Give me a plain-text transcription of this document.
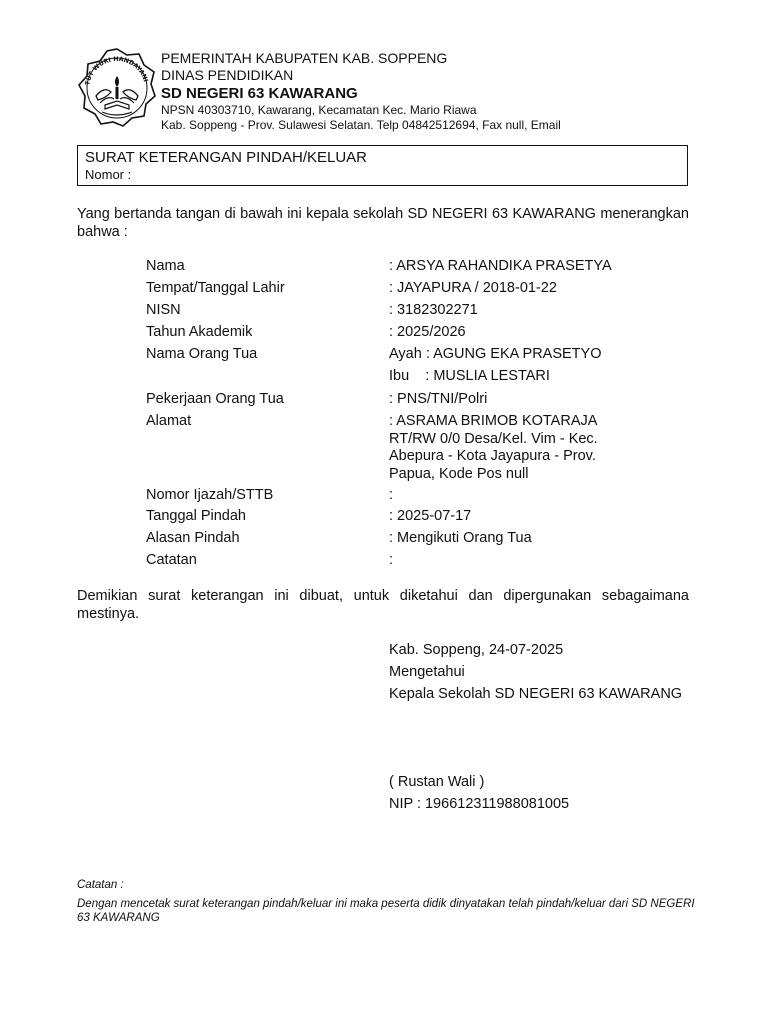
TUT WURI HANDAYANI
PEMERINTAH KABUPATEN KAB. SOPPENG
DINAS PENDIDIKAN
SD NEGERI 63 KAWARANG
NPSN 40303710, Kawarang, Kecamatan Kec. Mario Riawa
Kab. Soppeng - Prov. Sulawesi Selatan. Telp 04842512694, Fax null, Email
SURAT KETERANGAN PINDAH/KELUAR
Nomor :
Yang bertanda tangan di bawah ini kepala sekolah SD NEGERI 63 KAWARANG menerangkan bahwa :
Nama	: ARSYA RAHANDIKA PRASETYA
Tempat/Tanggal Lahir	: JAYAPURA / 2018-01-22
NISN	: 3182302271
Tahun Akademik	: 2025/2026
Nama Orang Tua	Ayah : AGUNG EKA PRASETYO
Ibu    : MUSLIA LESTARI
Pekerjaan Orang Tua	: PNS/TNI/Polri
Alamat	: ASRAMA BRIMOB KOTARAJA RT/RW 0/0 Desa/Kel. Vim - Kec. Abepura - Kota Jayapura - Prov. Papua, Kode Pos null
Nomor Ijazah/STTB	:
Tanggal Pindah	: 2025-07-17
Alasan Pindah	: Mengikuti Orang Tua
Catatan	:
Demikian surat keterangan ini dibuat, untuk diketahui dan dipergunakan sebagaimana mestinya.
Kab. Soppeng, 24-07-2025
Mengetahui
Kepala Sekolah SD NEGERI 63 KAWARANG
( Rustan Wali )
NIP : 196612311988081005
Catatan :
Dengan mencetak surat keterangan pindah/keluar ini maka peserta didik dinyatakan telah pindah/keluar dari SD NEGERI 63 KAWARANG
